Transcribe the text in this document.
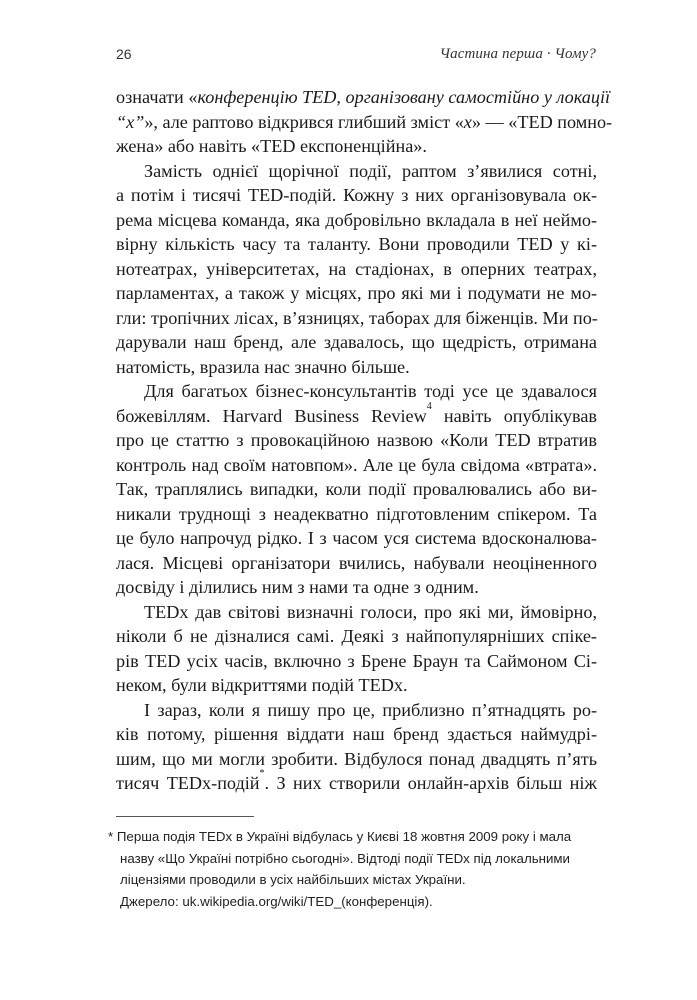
26	Частина перша · Чому?
означати «конференцію TED, організовану самостійно у локації
“x”», але раптово відкрився глибший зміст «x» — «TED помно-
жена» або навіть «TED експоненційна».
Замість однієї щорічної події, раптом з’явилися сотні,
а потім і тисячі TED-подій. Кожну з них організовувала ок-
рема місцева команда, яка добровільно вкладала в неї неймо-
вірну кількість часу та таланту. Вони проводили TED у кі-
нотеатрах, університетах, на стадіонах, в оперних театрах,
парламентах, а також у місцях, про які ми і подумати не мо-
гли: тропічних лісах, в’язницях, таборах для біженців. Ми по-
дарували наш бренд, але здавалось, що щедрість, отримана
натомість, вразила нас значно більше.
Для багатьох бізнес-консультантів тоді усе це здавалося
божевіллям. Harvard Business Review$^4$ навіть опублікував
про це статтю з провокаційною назвою «Коли TED втратив
контроль над своїм натовпом». Але це була свідома «втрата».
Так, траплялись випадки, коли події провалювались або ви-
никали труднощі з неадекватно підготовленим спікером. Та
це було напрочуд рідко. І з часом уся система вдосконалюва-
лася. Місцеві організатори вчились, набували неоціненного
досвіду і ділились ним з нами та одне з одним.
TEDx дав світові визначні голоси, про які ми, ймовірно,
ніколи б не дізналися самі. Деякі з найпопулярніших спіке-
рів TED усіх часів, включно з Брене Браун та Саймоном Сі-
неком, були відкриттями подій TEDx.
І зараз, коли я пишу про це, приблизно п’ятнадцять ро-
ків потому, рішення віддати наш бренд здається наймудрі-
шим, що ми могли зробити. Відбулося понад двадцять п’ять
тисяч TEDx-подій*. З них створили онлайн-архів більш ніж
* Перша подія TEDx в Україні відбулась у Києві 18 жовтня 2009 року і мала
назву «Що Україні потрібно сьогодні». Відтоді події TEDx під локальними
ліцензіями проводили в усіх найбільших містах України.
Джерело: uk.wikipedia.org/wiki/TED_(конференція).
